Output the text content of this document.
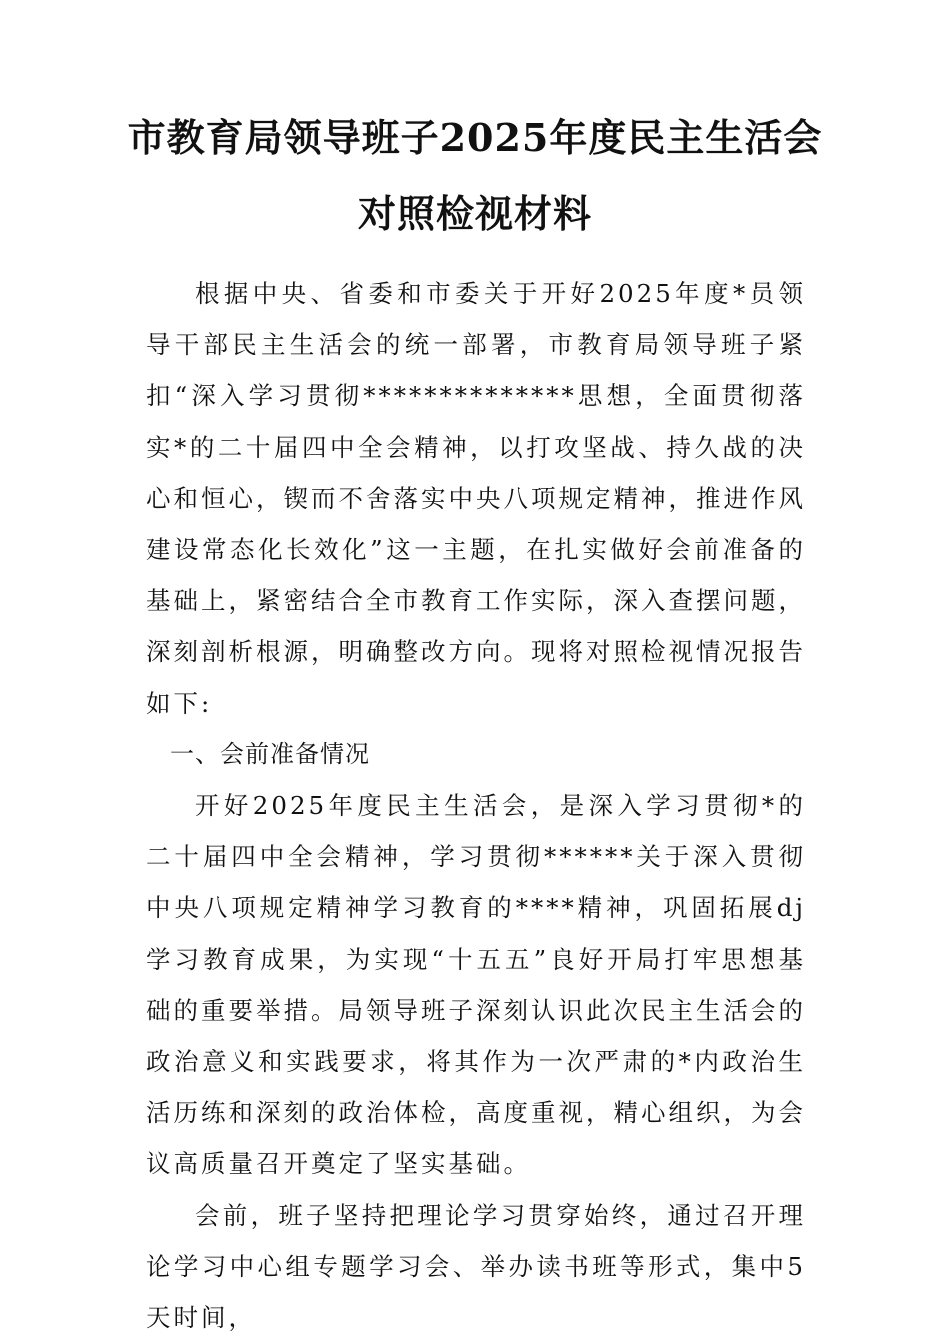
市教育局领导班子2025年度民主生活会
对照检视材料

根据中央、省委和市委关于开好2025年度*员领导干部民主生活会的统一部署，市教育局领导班子紧扣“深入学习贯彻**************思想，全面贯彻落实*的二十届四中全会精神，以打攻坚战、持久战的决心和恒心，锲而不舍落实中央八项规定精神，推进作风建设常态化长效化”这一主题，在扎实做好会前准备的基础上，紧密结合全市教育工作实际，深入查摆问题，深刻剖析根源，明确整改方向。现将对照检视情况报告如下:

一、会前准备情况

开好2025年度民主生活会，是深入学习贯彻*的二十届四中全会精神，学习贯彻******关于深入贯彻中央八项规定精神学习教育的****精神，巩固拓展dj学习教育成果，为实现“十五五”良好开局打牢思想基础的重要举措。局领导班子深刻认识此次民主生活会的政治意义和实践要求，将其作为一次严肃的*内政治生活历练和深刻的政治体检，高度重视，精心组织，为会议高质量召开奠定了坚实基础。

会前，班子坚持把理论学习贯穿始终，通过召开理论学习中心组专题学习会、举办读书班等形式，集中5天时间，
